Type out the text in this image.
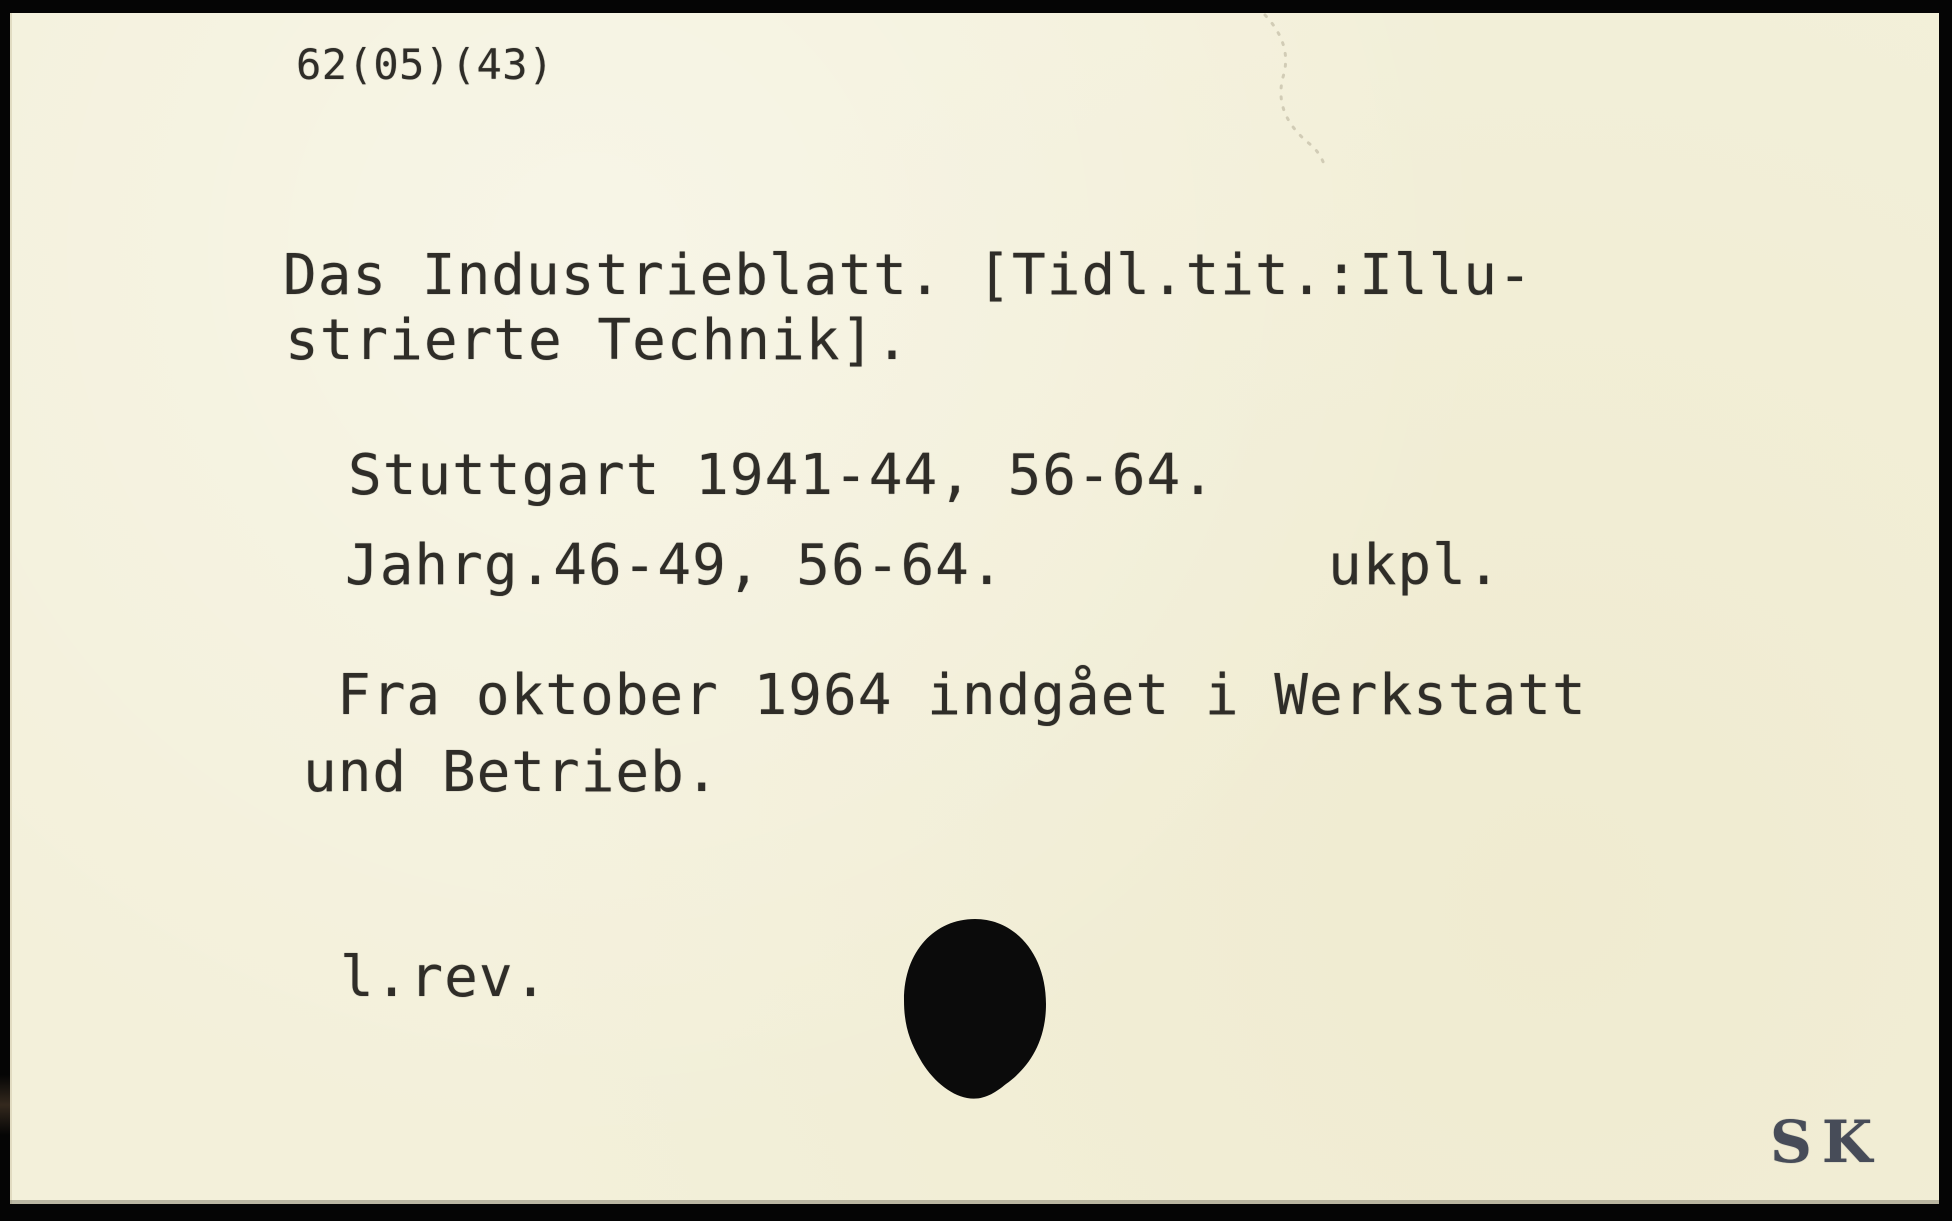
62(05)(43)
Das Industrieblatt. [Tidl.tit.:Illu-
strierte Technik].
Stuttgart 1941-44, 56-64.
Jahrg.46-49, 56-64.	ukpl.
Fra oktober 1964 indgået i Werkstatt
und Betrieb.
l.rev.
SK
